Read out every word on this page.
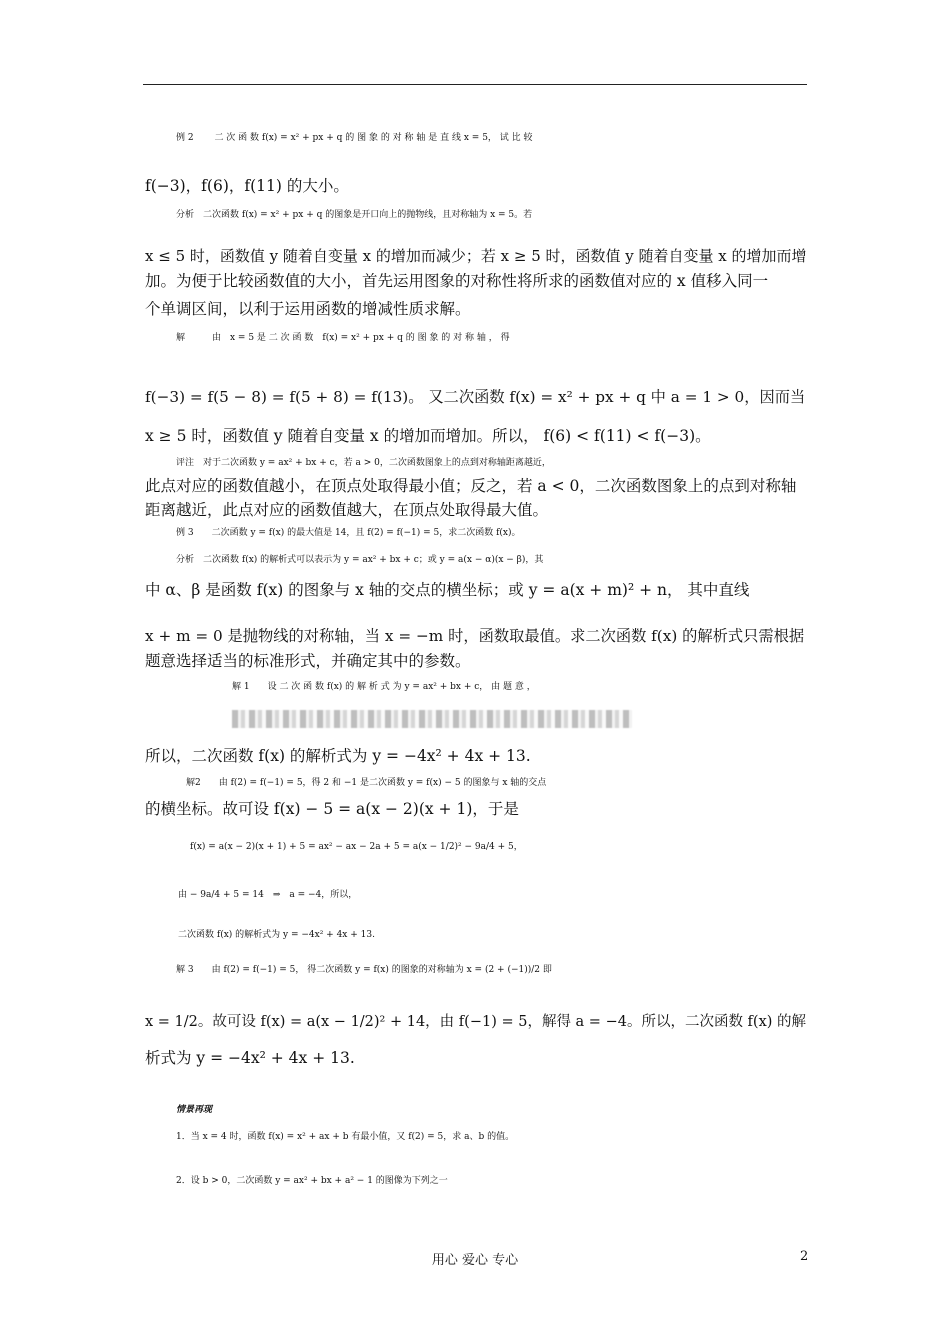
例 2　　 二 次 函 数 f(x) = x² + px + q 的 图 象 的 对 称 轴 是 直 线 x = 5， 试 比 较
f(−3)，f(6)，f(11) 的大小。
分析　二次函数 f(x) = x² + px + q 的图象是开口向上的抛物线，且对称轴为 x = 5。若
x ≤ 5 时，函数值 y 随着自变量 x 的增加而减少；若 x ≥ 5 时，函数值 y 随着自变量 x 的增加而增
加。为便于比较函数值的大小，首先运用图象的对称性将所求的函数值对应的 x 值移入同一
个单调区间，以利于运用函数的增减性质求解。
解　　　由　x = 5 是 二 次 函 数　f(x) = x² + px + q 的 图 象 的 对 称 轴 ， 得
f(−3) = f(5 − 8) = f(5 + 8) = f(13)。 又二次函数 f(x) = x² + px + q 中 a = 1 > 0，因而当
x ≥ 5 时，函数值 y 随着自变量 x 的增加而增加。所以， f(6) < f(11) < f(−3)。
评注　对于二次函数 y = ax² + bx + c，若 a > 0，二次函数图象上的点到对称轴距离越近，
此点对应的函数值越小，在顶点处取得最小值；反之，若 a < 0，二次函数图象上的点到对称轴
距离越近，此点对应的函数值越大，在顶点处取得最大值。
例 3　　二次函数 y = f(x) 的最大值是 14，且 f(2) = f(−1) = 5，求二次函数 f(x)。
分析　二次函数 f(x) 的解析式可以表示为 y = ax² + bx + c；或 y = a(x − α)(x − β)，其
中 α、β 是函数 f(x) 的图象与 x 轴的交点的横坐标；或 y = a(x + m)² + n， 其中直线
x + m = 0 是抛物线的对称轴，当 x = −m 时，函数取最值。求二次函数 f(x) 的解析式只需根据
题意选择适当的标准形式，并确定其中的参数。
解 1　　设 二 次 函 数 f(x) 的 解 析 式 为 y = ax² + bx + c， 由 题 意 ，
所以，二次函数 f(x) 的解析式为 y = −4x² + 4x + 13.
解2　　由 f(2) = f(−1) = 5，得 2 和 −1 是二次函数 y = f(x) − 5 的图象与 x 轴的交点
的横坐标。故可设 f(x) − 5 = a(x − 2)(x + 1)，于是
f(x) = a(x − 2)(x + 1) + 5 = ax² − ax − 2a + 5 = a(x − 1/2)² − 9a/4 + 5，
由 − 9a/4 + 5 = 14　⇒　a = −4，所以，
二次函数 f(x) 的解析式为 y = −4x² + 4x + 13.
解 3　　由 f(2) = f(−1) = 5， 得二次函数 y = f(x) 的图象的对称轴为 x = (2 + (−1))/2 即
x = 1/2。故可设 f(x) = a(x − 1/2)² + 14，由 f(−1) = 5，解得 a = −4。所以，二次函数 f(x) 的解
析式为 y = −4x² + 4x + 13.
情景再现
1．当 x = 4 时，函数 f(x) = x² + ax + b 有最小值，又 f(2) = 5，求 a、b 的值。
2．设 b > 0，二次函数 y = ax² + bx + a² − 1 的图像为下列之一
用心 爱心 专心	2
